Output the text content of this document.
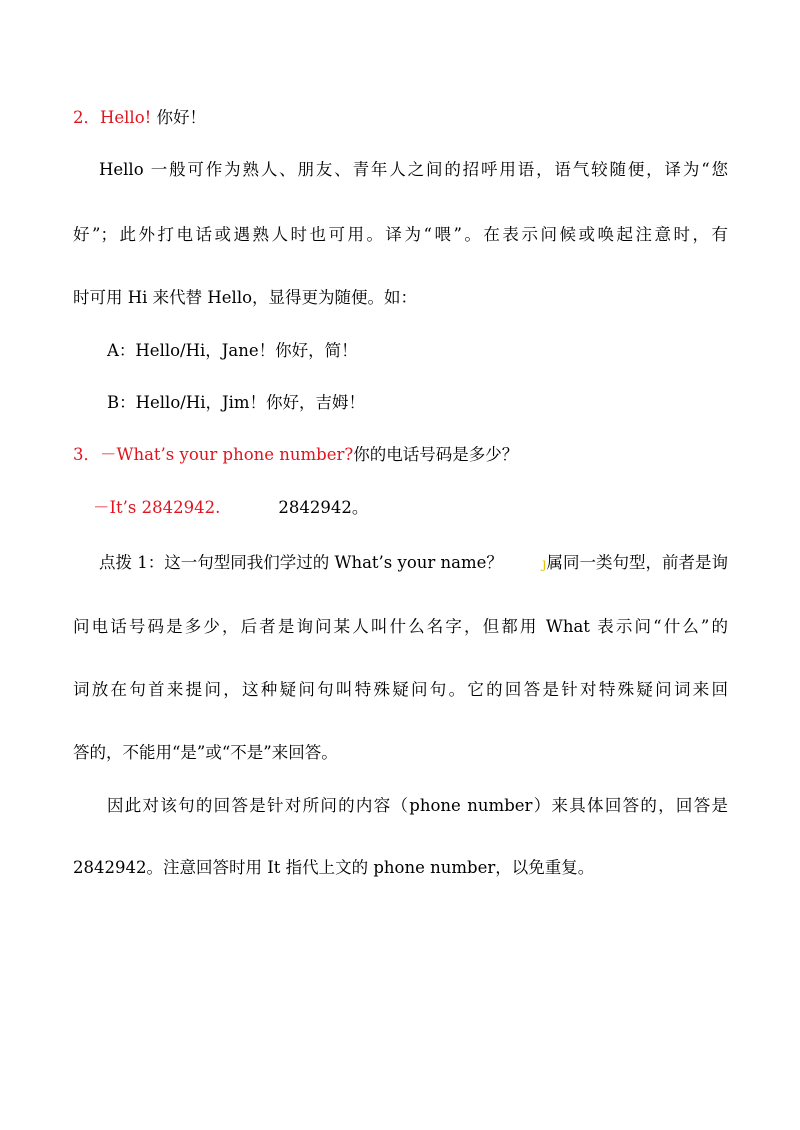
2．Hello! 你好！
Hello 一般可作为熟人、朋友、青年人之间的招呼用语，语气较随便，译为“您
好”；此外打电话或遇熟人时也可用。译为“喂”。在表示问候或唤起注意时，有
时可用 Hi 来代替 Hello，显得更为随便。如：
A：Hello/Hi，Jane！你好，简！
B：Hello/Hi，Jim！你好，吉姆！
3．－What’s your phone number?你的电话号码是多少？
－It’s 2842942.	2842942。
点拨 1：这一句型同我们学过的 What’s your name？	ȷ属同一类句型，前者是询
问电话号码是多少，后者是询问某人叫什么名字，但都用 What 表示问“什么”的
词放在句首来提问，这种疑问句叫特殊疑问句。它的回答是针对特殊疑问词来回
答的，不能用“是”或“不是”来回答。
因此对该句的回答是针对所问的内容（phone number）来具体回答的，回答是
2842942。注意回答时用 It 指代上文的 phone number，以免重复。
